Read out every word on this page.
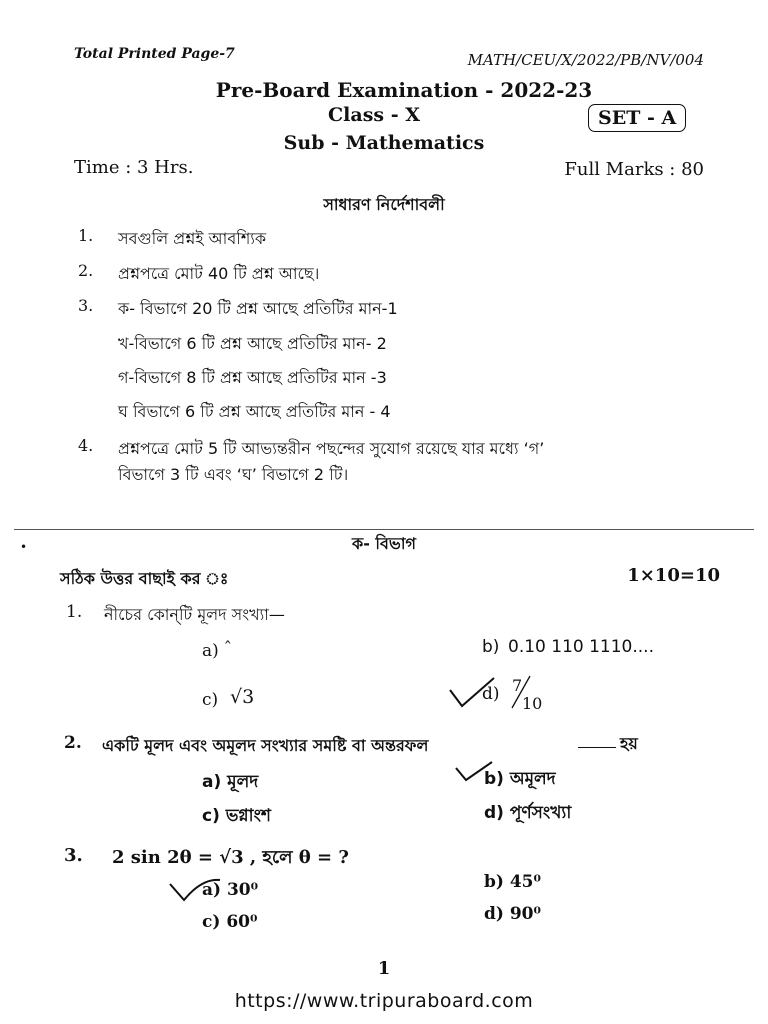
Total Printed Page-7	MATH/CEU/X/2022/PB/NV/004
Pre-Board Examination - 2022-23
Class - X
Sub - Mathematics
SET - A
Time : 3 Hrs.	Full Marks : 80
সাধারণ নির্দেশাবলী
1. সবগুলি প্রশ্নই আবশ্যিক
2. প্রশ্নপত্রে মোট 40 টি প্রশ্ন আছে।
3. ক- বিভাগে 20 টি প্রশ্ন আছে প্রতিটির মান-1
খ-বিভাগে 6 টি প্রশ্ন আছে প্রতিটির মান- 2
গ-বিভাগে 8 টি প্রশ্ন আছে প্রতিটির মান -3
ঘ বিভাগে 6 টি প্রশ্ন আছে প্রতিটির মান - 4
4. প্রশ্নপত্রে মোট 5 টি আভ্যন্তরীন পছন্দের সুযোগ রয়েছে যার মধ্যে ‘গ’
বিভাগে 3 টি এবং ‘ঘ’ বিভাগে 2 টি।
•	ক- বিভাগ
সঠিক উত্তর বাছাই কর ঃ	1×10=10
1. নীচের কোন্‌টি মূলদ সংখ্যা—
a)	b) 0.10 110 1110....
c) √3	d) 7
10
2. একটি মূলদ এবং অমূলদ সংখ্যার সমষ্টি বা অন্তরফল	হয়
a) মূলদ	b) অমূলদ
c) ভগ্নাংশ	d) পূর্ণসংখ্যা
3. 2 sin 2θ = √3 , হলে θ = ?
a) 30⁰	b) 45⁰
c) 60⁰	d) 90⁰
1
https://www.tripuraboard.com
